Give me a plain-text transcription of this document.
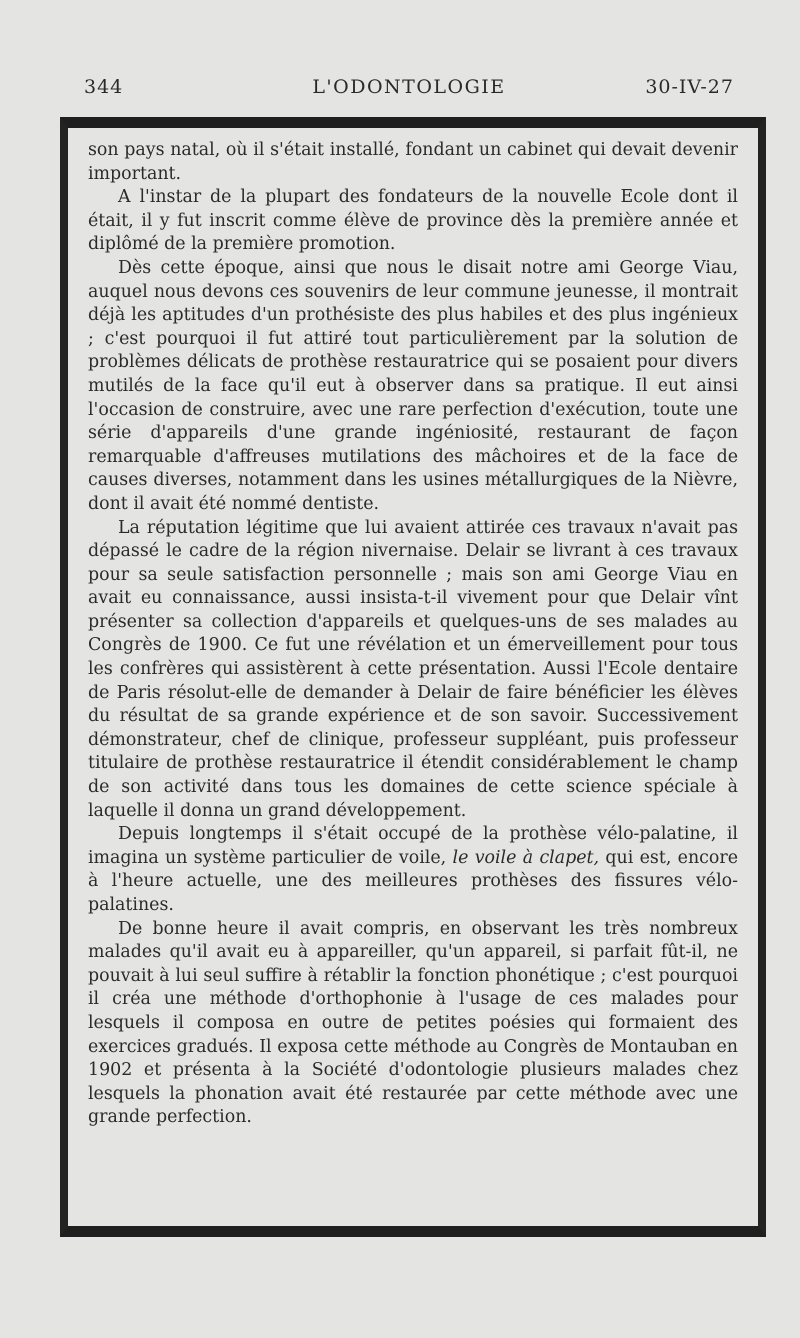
344	L'ODONTOLOGIE	30-IV-27

son pays natal, où il s'était installé, fondant un cabinet qui devait devenir important.

A l'instar de la plupart des fondateurs de la nouvelle Ecole dont il était, il y fut inscrit comme élève de province dès la première année et diplômé de la première promotion.

Dès cette époque, ainsi que nous le disait notre ami George Viau, auquel nous devons ces souvenirs de leur commune jeunesse, il montrait déjà les aptitudes d'un prothésiste des plus habiles et des plus ingénieux ; c'est pourquoi il fut attiré tout particulièrement par la solution de problèmes délicats de prothèse restauratrice qui se posaient pour divers mutilés de la face qu'il eut à observer dans sa pratique. Il eut ainsi l'occasion de construire, avec une rare perfection d'exécution, toute une série d'appareils d'une grande ingéniosité, restaurant de façon remarquable d'affreuses mutilations des mâchoires et de la face de causes diverses, notamment dans les usines métallurgiques de la Nièvre, dont il avait été nommé dentiste.

La réputation légitime que lui avaient attirée ces travaux n'avait pas dépassé le cadre de la région nivernaise. Delair se livrant à ces travaux pour sa seule satisfaction personnelle ; mais son ami George Viau en avait eu connaissance, aussi insista-t-il vivement pour que Delair vînt présenter sa collection d'appareils et quelques-uns de ses malades au Congrès de 1900. Ce fut une révélation et un émerveillement pour tous les confrères qui assistèrent à cette présentation. Aussi l'Ecole dentaire de Paris résolut-elle de demander à Delair de faire bénéficier les élèves du résultat de sa grande expérience et de son savoir. Successivement démonstrateur, chef de clinique, professeur suppléant, puis professeur titulaire de prothèse restauratrice il étendit considérablement le champ de son activité dans tous les domaines de cette science spéciale à laquelle il donna un grand développement.

Depuis longtemps il s'était occupé de la prothèse vélo-palatine, il imagina un système particulier de voile, le voile à clapet, qui est, encore à l'heure actuelle, une des meilleures prothèses des fissures vélo-palatines.

De bonne heure il avait compris, en observant les très nombreux malades qu'il avait eu à appareiller, qu'un appareil, si parfait fût-il, ne pouvait à lui seul suffire à rétablir la fonction phonétique ; c'est pourquoi il créa une méthode d'orthophonie à l'usage de ces malades pour lesquels il composa en outre de petites poésies qui formaient des exercices gradués. Il exposa cette méthode au Congrès de Montauban en 1902 et présenta à la Société d'odontologie plusieurs malades chez lesquels la phonation avait été restaurée par cette méthode avec une grande perfection.
